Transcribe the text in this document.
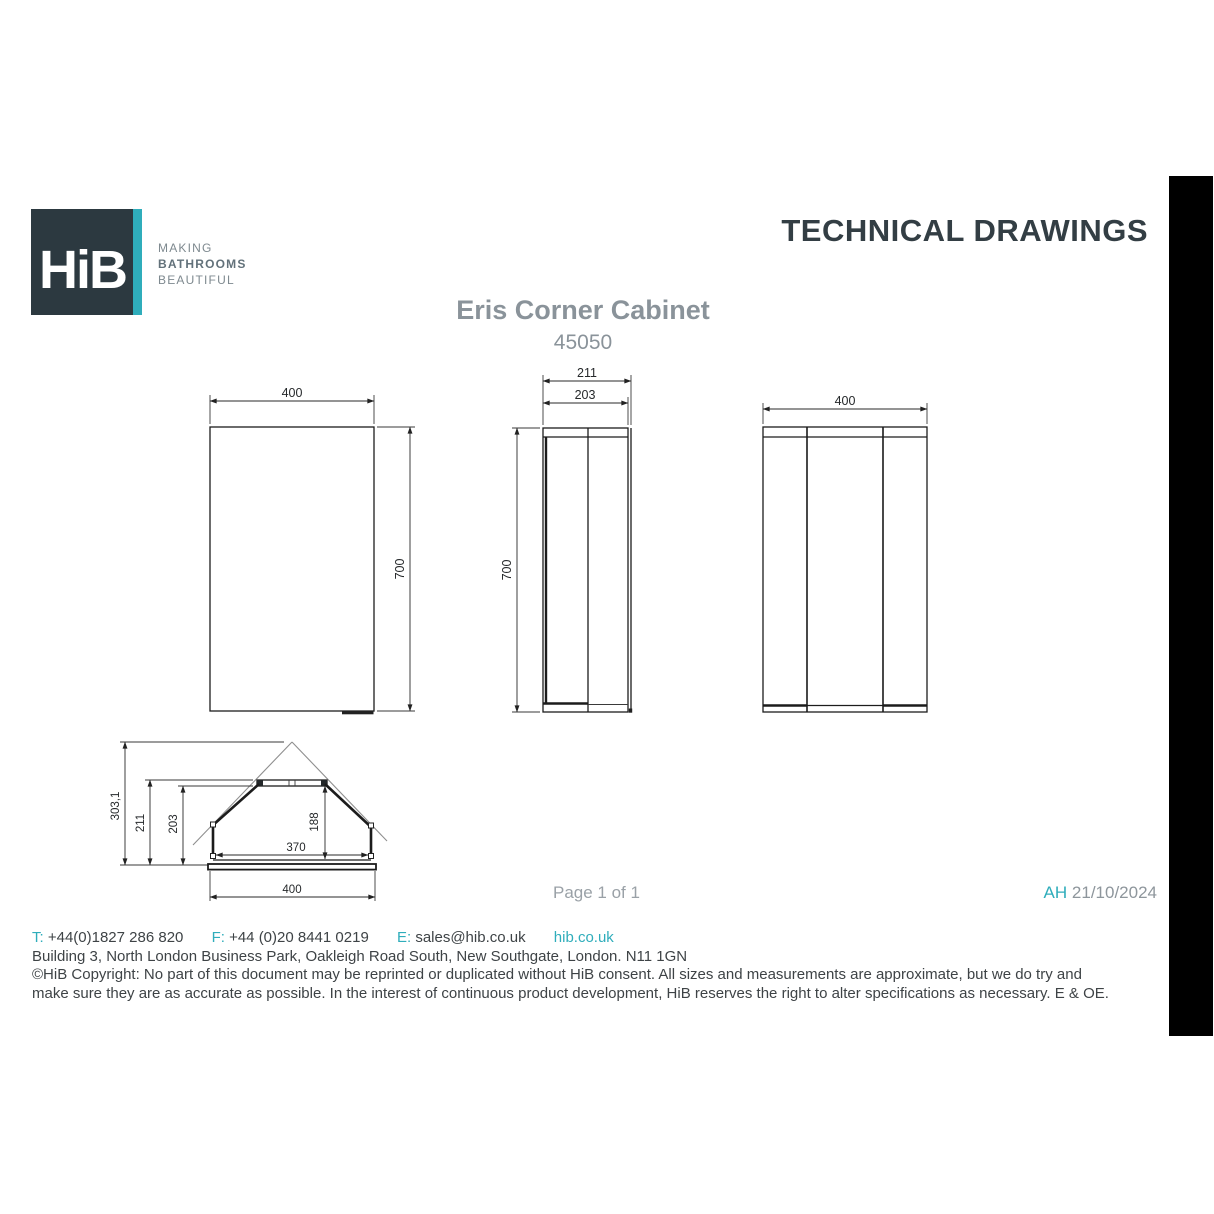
HiB	MAKING
BATHROOMS
BEAUTIFUL
TECHNICAL DRAWINGS
Eris Corner Cabinet
45050
400
700
211
203
700
400
303,1
211 203
370
188
400	Page 1 of 1	AH 21/10/2024
T: +44(0)1827 286 820 F: +44 (0)20 8441 0219 E: sales@hib.co.uk hib.co.uk
Building 3, North London Business Park, Oakleigh Road South, New Southgate, London. N11 1GN
©HiB Copyright: No part of this document may be reprinted or duplicated without HiB consent. All sizes and measurements are approximate, but we do try and
make sure they are as accurate as possible. In the interest of continuous product development, HiB reserves the right to alter specifications as necessary. E & OE.
